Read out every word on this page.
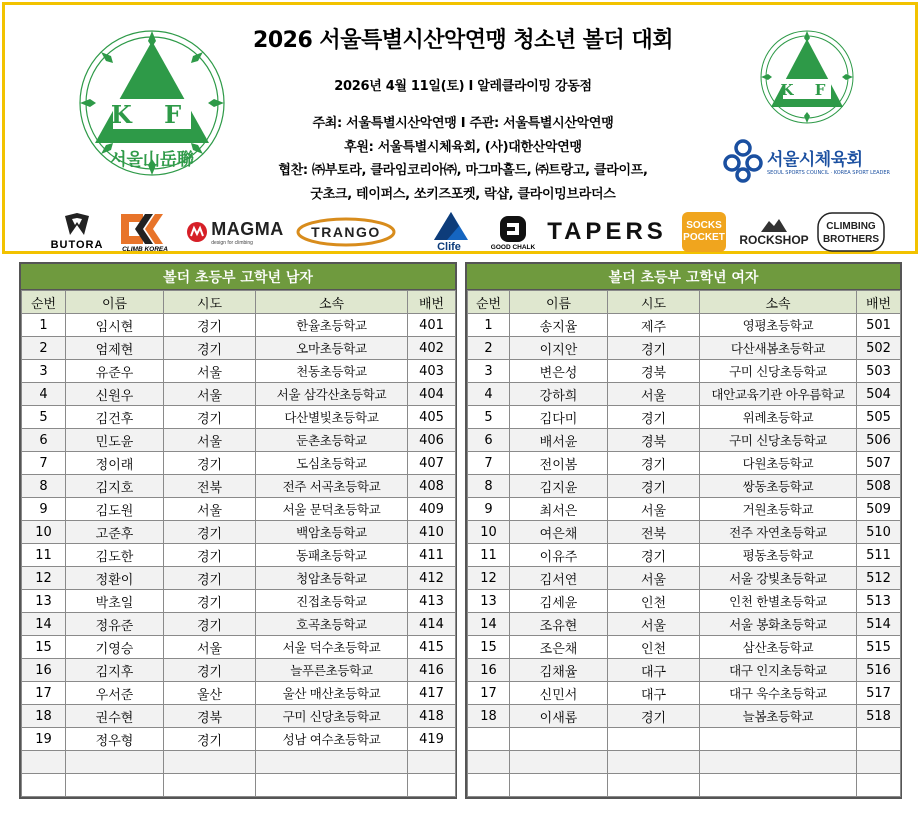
K F
서울山岳聯
2026 서울특별시산악연맹 청소년 볼더 대회
2026년 4월 11일(토) I 알레클라이밍 강동점
주최: 서울특별시산악연맹 I 주관: 서울특별시산악연맹
후원: 서울특별시체육회, (사)대한산악연맹
협찬: ㈜부토라, 클라임코리아㈜, 마그마홀드, ㈜트랑고, 클라이프,
굿초크, 테이퍼스, 쏘키즈포켓, 락샵, 클라이밍브라더스
K F
서울시체육회
SEOUL SPORTS COUNCIL · KOREA SPORT LEADER
BUTORA	CLIMB KOREA
MAGMA
design for climbing
TRANGO
Clife	GOOD CHALK
TAPERS SOCKS
POCKET ROCKSHOP
CLIMBING
BROTHERS
볼더 초등부 고학년 남자
순번	이름	시도	소속	배번
1	임시현	경기	한율초등학교	401
2	엄제현	경기	오마초등학교	402
3	유준우	서울	천동초등학교	403
4	신원우	서울	서울 삼각산초등학교	404
5	김건후	경기	다산별빛초등학교	405
6	민도윤	서울	둔촌초등학교	406
7	정이래	경기	도심초등학교	407
8	김지호	전북	전주 서곡초등학교	408
9	김도원	서울	서울 문덕초등학교	409
10	고준후	경기	백암초등학교	410
11	김도한	경기	동패초등학교	411
12	정환이	경기	청암초등학교	412
13	박초일	경기	진접초등학교	413
14	정유준	경기	호곡초등학교	414
15	기영승	서울	서울 덕수초등학교	415
16	김지후	경기	늘푸른초등학교	416
17	우서준	울산	울산 매산초등학교	417
18	권수현	경북	구미 신당초등학교	418
19	정우형	경기	성남 여수초등학교	419

볼더 초등부 고학년 여자
순번	이름	시도	소속	배번
1	송지율	제주	영평초등학교	501
2	이지안	경기	다산새봄초등학교	502
3	변은성	경북	구미 신당초등학교	503
4	강하희	서울	대안교육기관 아우름학교	504
5	김다미	경기	위례초등학교	505
6	배서윤	경북	구미 신당초등학교	506
7	전이봄	경기	다원초등학교	507
8	김지윤	경기	쌍동초등학교	508
9	최서은	서울	거원초등학교	509
10	여은채	전북	전주 자연초등학교	510
11	이유주	경기	평동초등학교	511
12	김서연	서울	서울 강빛초등학교	512
13	김세윤	인천	인천 한별초등학교	513
14	조유현	서울	서울 봉화초등학교	514
15	조은채	인천	삼산초등학교	515
16	김채율	대구	대구 인지초등학교	516
17	신민서	대구	대구 욱수초등학교	517
18	이새롬	경기	늘봄초등학교	518
